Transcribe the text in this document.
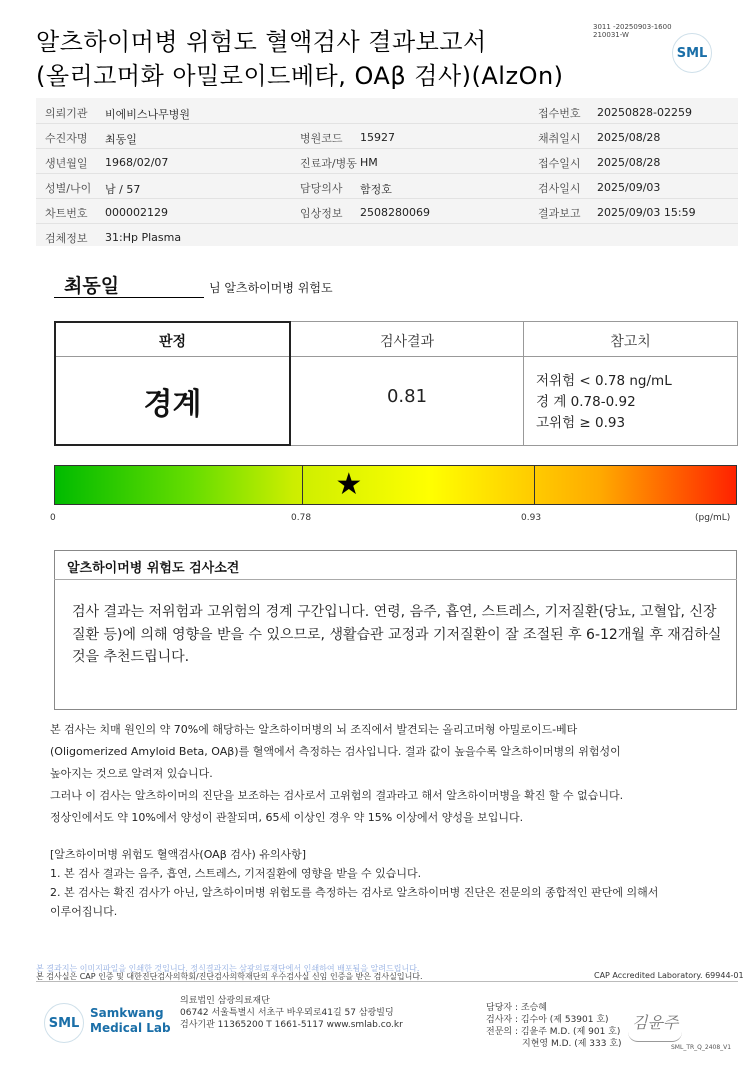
알츠하이머병 위험도 혈액검사 결과보고서
(올리고머화 아밀로이드베타, OAβ 검사)(AlzOn)
3011 -20250903-1600
210031-W
SML
의뢰기관 비에비스나무병원	접수번호 20250828-02259
수진자명 최동일	병원코드 15927	채취일시 2025/08/28
생년월일 1968/02/07	진료과/병동 HM	접수일시 2025/08/28
성별/나이 남 / 57	담당의사 함정호	검사일시 2025/09/03
차트번호 000002129	임상정보 2508280069	결과보고 2025/09/03 15:59
검체정보 31:Hp Plasma
최동일	님 알츠하이머병 위험도
판정	검사결과	참고치
경계	0.81
저위험 < 0.78 ng/mL
경 계 0.78-0.92
고위험 ≥ 0.93
★
0	0.78	0.93	(pg/mL)
알츠하이머병 위험도 검사소견
검사 결과는 저위험과 고위험의 경계 구간입니다. 연령, 음주, 흡연, 스트레스, 기저질환(당뇨, 고혈압, 신장질환 등)에 의해 영향을 받을 수 있으므로, 생활습관 교정과 기저질환이 잘 조절된 후 6-12개월 후 재검하실 것을 추천드립니다.
본 검사는 치매 원인의 약 70%에 해당하는 알츠하이머병의 뇌 조직에서 발견되는 올리고머형 아밀로이드-베타
(Oligomerized Amyloid Beta, OAβ)를 혈액에서 측정하는 검사입니다. 결과 값이 높을수록 알츠하이머병의 위험성이
높아지는 것으로 알려져 있습니다.
그러나 이 검사는 알츠하이머의 진단을 보조하는 검사로서 고위험의 결과라고 해서 알츠하이머병을 확진 할 수 없습니다.
정상인에서도 약 10%에서 양성이 관찰되며, 65세 이상인 경우 약 15% 이상에서 양성을 보입니다.
[알츠하이머병 위험도 혈액검사(OAβ 검사) 유의사항]
1. 본 검사 결과는 음주, 흡연, 스트레스, 기저질환에 영향을 받을 수 있습니다.
2. 본 검사는 확진 검사가 아닌, 알츠하이머병 위험도를 측정하는 검사로 알츠하이머병 진단은 전문의의 종합적인 판단에 의해서
이루어집니다.
본 결과지는 이미지파일을 인쇄한 것입니다. 정식결과지는 삼광의료재단에서 인쇄하여 배포됨을 알려드립니다.
본 검사실은 CAP 인증 및 대한진단검사의학회/진단검사의학재단의 우수검사실 신임 인증을 받은 검사실입니다.	CAP Accredited Laboratory. 69944-01
SML
Samkwang
Medical Lab
의료법인 삼광의료재단
06742 서울특별시 서초구 바우뫼로41길 57 삼광빌딩
검사기관 11365200 T 1661-5117 www.smlab.co.kr
담당자 : 조승혜
검사자 : 김수아 (제 53901 호)
전문의 : 김윤주 M.D. (제 901 호)
지현영 M.D. (제 333 호)
김윤주
SML_TR_Q_2408_V1
